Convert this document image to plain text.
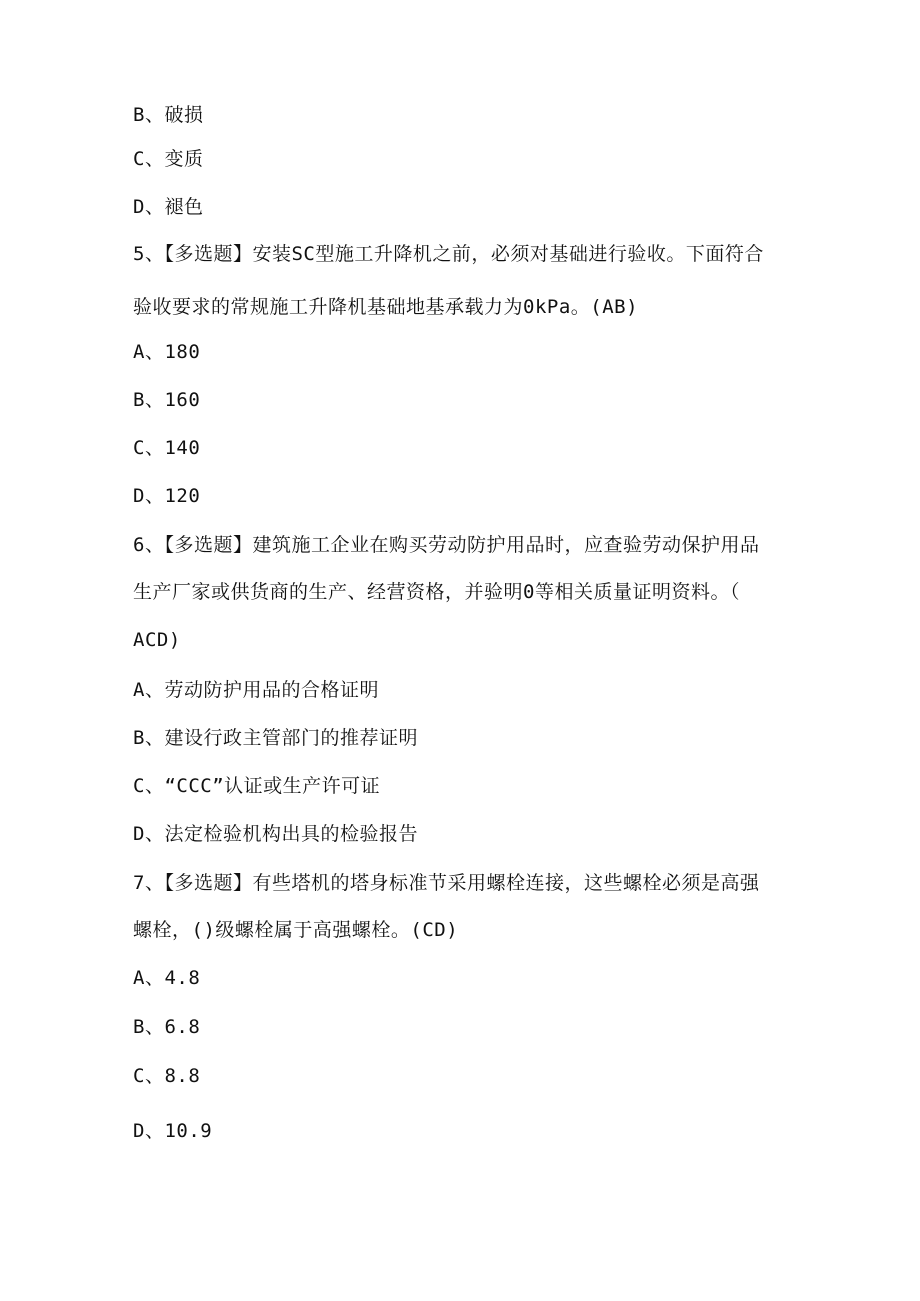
B、破损
C、变质
D、褪色
5、【多选题】安装SC型施工升降机之前，必须对基础进行验收。下面符合
验收要求的常规施工升降机基础地基承载力为0kPa。(AB)
A、180
B、160
C、140
D、120
6、【多选题】建筑施工企业在购买劳动防护用品时，应查验劳动保护用品
生产厂家或供货商的生产、经营资格，并验明0等相关质量证明资料。（
ACD)
A、劳动防护用品的合格证明
B、建设行政主管部门的推荐证明
C、“CCC”认证或生产许可证
D、法定检验机构出具的检验报告
7、【多选题】有些塔机的塔身标准节采用螺栓连接，这些螺栓必须是高强
螺栓，()级螺栓属于高强螺栓。(CD)
A、4.8
B、6.8
C、8.8
D、10.9
